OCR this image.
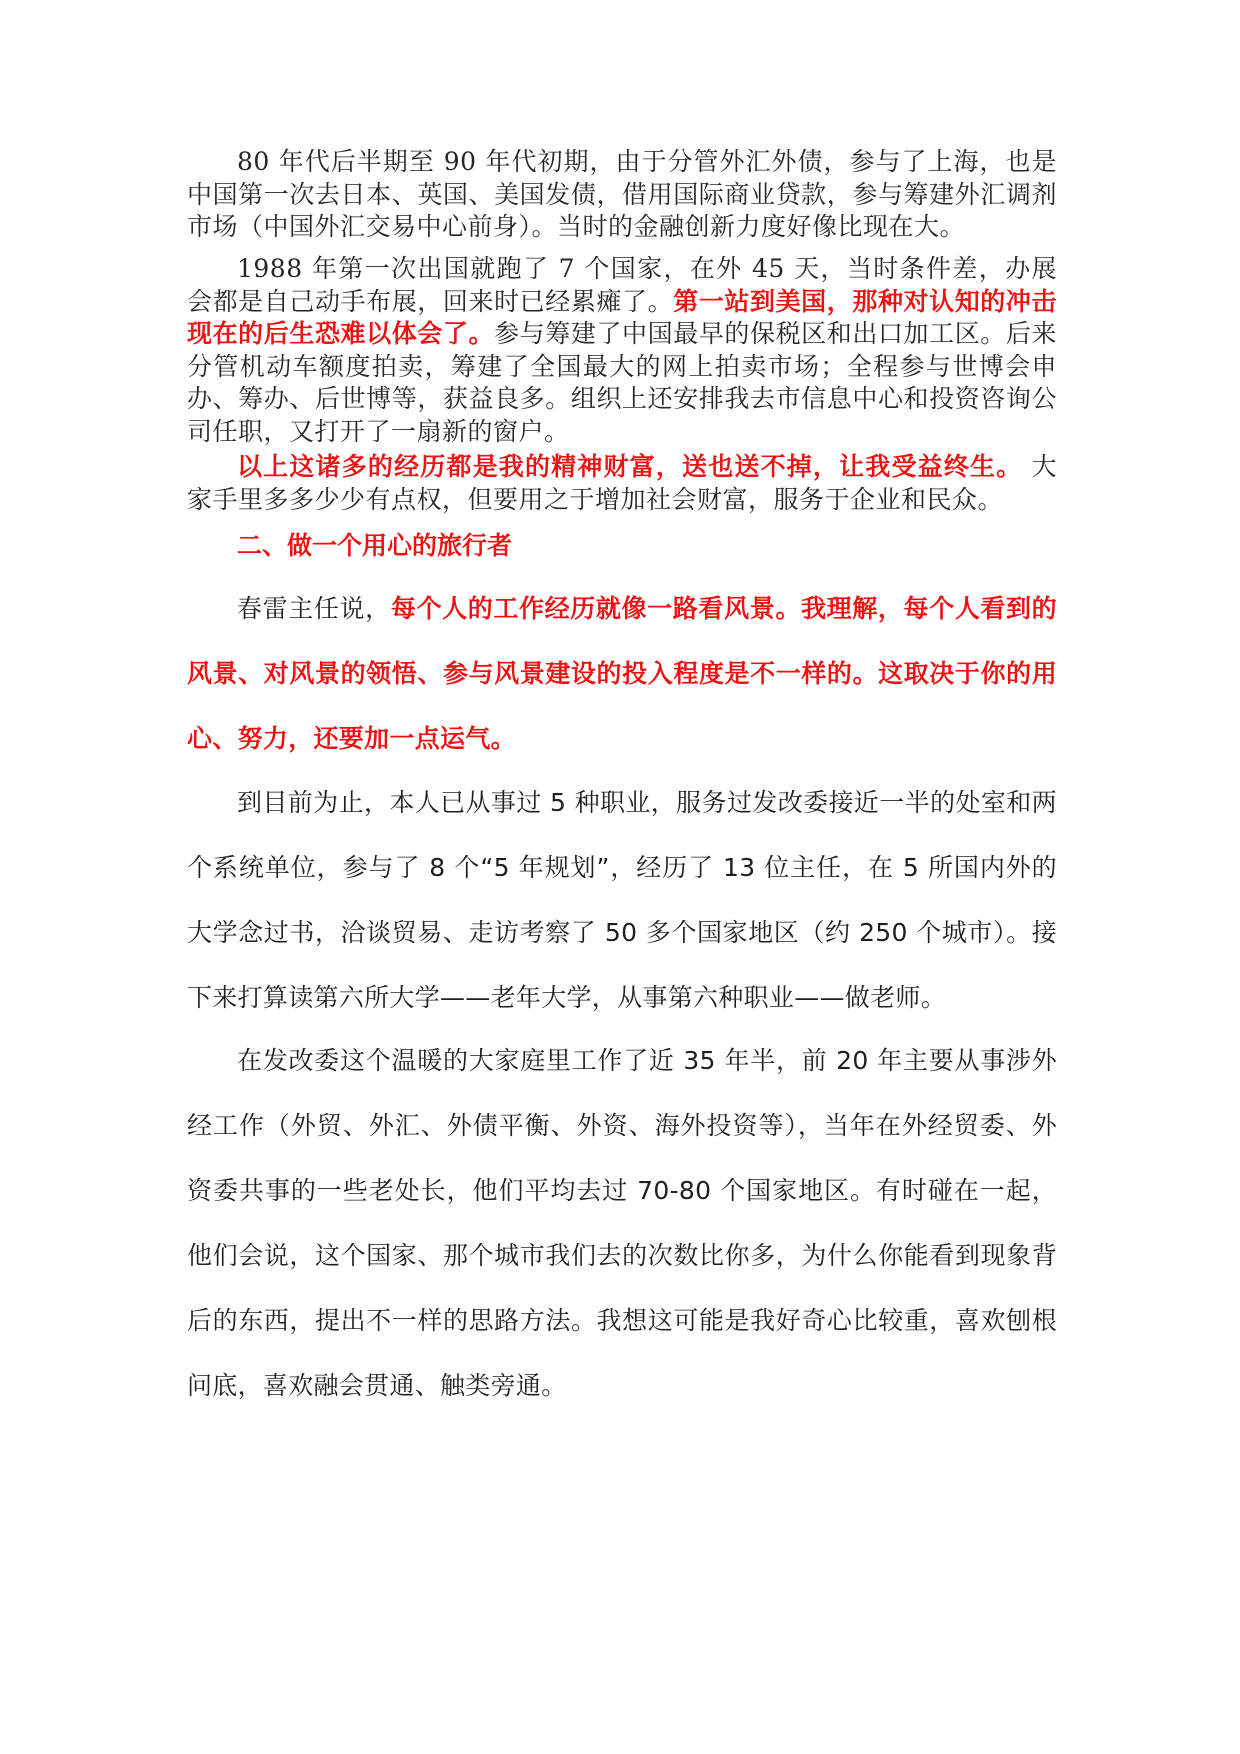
80 年代后半期至 90 年代初期，由于分管外汇外债，参与了上海，也是中国第一次去日本、英国、美国发债，借用国际商业贷款，参与筹建外汇调剂市场（中国外汇交易中心前身）。当时的金融创新力度好像比现在大。

1988 年第一次出国就跑了 7 个国家，在外 45 天，当时条件差，办展会都是自己动手布展，回来时已经累瘫了。第一站到美国，那种对认知的冲击现在的后生恐难以体会了。参与筹建了中国最早的保税区和出口加工区。后来分管机动车额度拍卖，筹建了全国最大的网上拍卖市场；全程参与世博会申办、筹办、后世博等，获益良多。组织上还安排我去市信息中心和投资咨询公司任职，又打开了一扇新的窗户。

以上这诸多的经历都是我的精神财富，送也送不掉，让我受益终生。 大家手里多多少少有点权，但要用之于增加社会财富，服务于企业和民众。

二、做一个用心的旅行者

春雷主任说，每个人的工作经历就像一路看风景。我理解，每个人看到的风景、对风景的领悟、参与风景建设的投入程度是不一样的。这取决于你的用心、努力，还要加一点运气。

到目前为止，本人已从事过 5 种职业，服务过发改委接近一半的处室和两个系统单位，参与了 8 个“5 年规划”，经历了 13 位主任，在 5 所国内外的大学念过书，洽谈贸易、走访考察了 50 多个国家地区（约 250 个城市）。接下来打算读第六所大学——老年大学，从事第六种职业——做老师。

在发改委这个温暖的大家庭里工作了近 35 年半，前 20 年主要从事涉外经工作（外贸、外汇、外债平衡、外资、海外投资等），当年在外经贸委、外资委共事的一些老处长，他们平均去过 70-80 个国家地区。有时碰在一起，他们会说，这个国家、那个城市我们去的次数比你多，为什么你能看到现象背后的东西，提出不一样的思路方法。我想这可能是我好奇心比较重，喜欢刨根问底，喜欢融会贯通、触类旁通。
